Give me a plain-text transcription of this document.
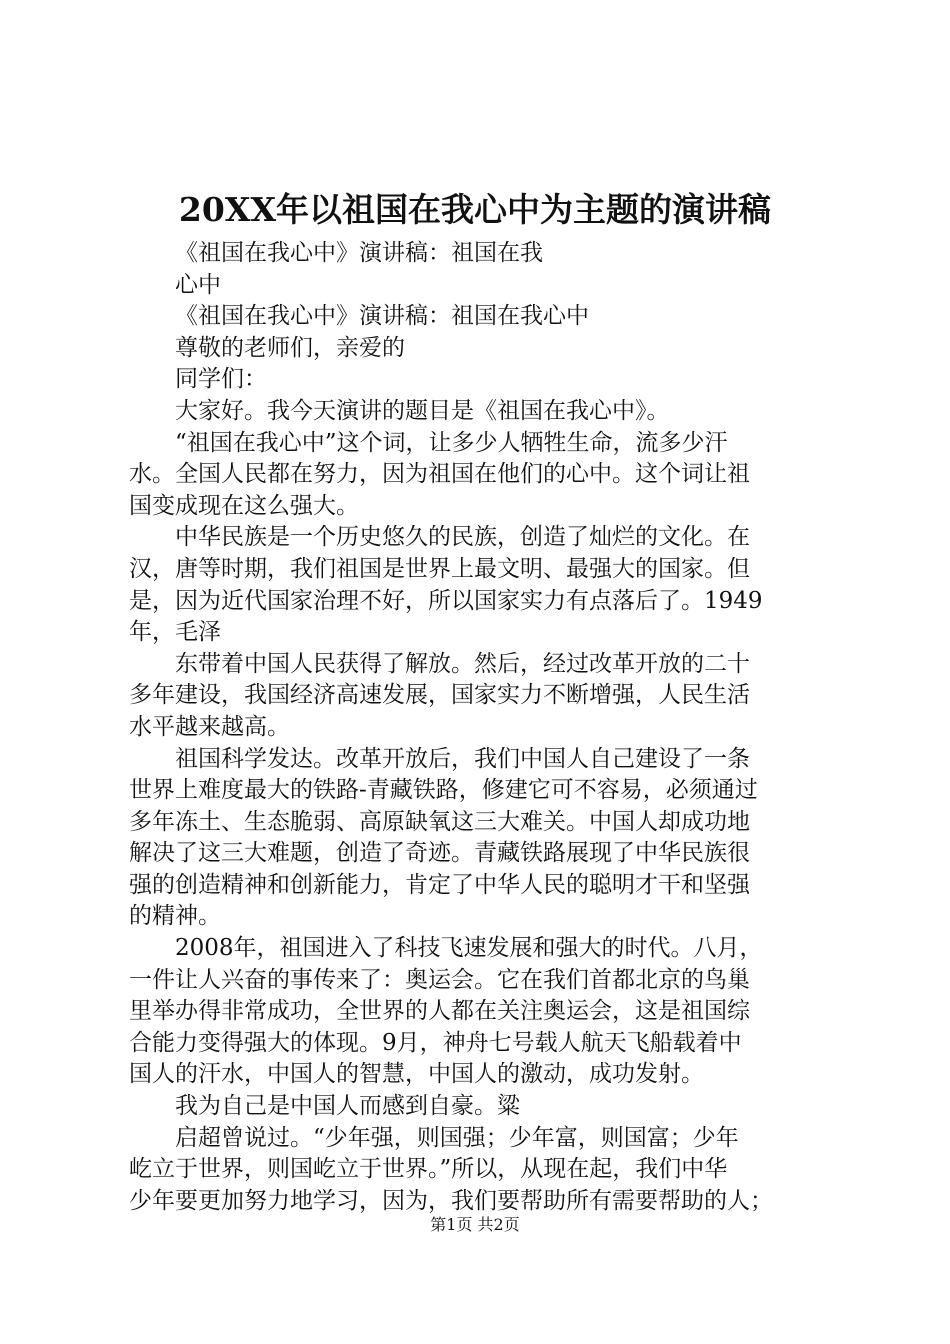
20XX年以祖国在我心中为主题的演讲稿
《祖国在我心中》演讲稿：祖国在我
心中
《祖国在我心中》演讲稿：祖国在我心中
尊敬的老师们，亲爱的
同学们：
大家好。我今天演讲的题目是《祖国在我心中》。
“祖国在我心中”这个词，让多少人牺牲生命，流多少汗
水。全国人民都在努力，因为祖国在他们的心中。这个词让祖
国变成现在这么强大。
中华民族是一个历史悠久的民族，创造了灿烂的文化。在
汉，唐等时期，我们祖国是世界上最文明、最强大的国家。但
是，因为近代国家治理不好，所以国家实力有点落后了。1949
年，毛泽
东带着中国人民获得了解放。然后，经过改革开放的二十
多年建设，我国经济高速发展，国家实力不断增强，人民生活
水平越来越高。
祖国科学发达。改革开放后，我们中国人自己建设了一条
世界上难度最大的铁路-青藏铁路，修建它可不容易，必须通过
多年冻土、生态脆弱、高原缺氧这三大难关。中国人却成功地
解决了这三大难题，创造了奇迹。青藏铁路展现了中华民族很
强的创造精神和创新能力，肯定了中华人民的聪明才干和坚强
的精神。
2008年，祖国进入了科技飞速发展和强大的时代。八月，
一件让人兴奋的事传来了：奥运会。它在我们首都北京的鸟巢
里举办得非常成功，全世界的人都在关注奥运会，这是祖国综
合能力变得强大的体现。9月，神舟七号载人航天飞船载着中
国人的汗水，中国人的智慧，中国人的激动，成功发射。
我为自己是中国人而感到自豪。粱
启超曾说过。“少年强，则国强；少年富，则国富；少年
屹立于世界，则国屹立于世界。”所以，从现在起，我们中华
少年要更加努力地学习，因为，我们要帮助所有需要帮助的人；
第1页 共2页
